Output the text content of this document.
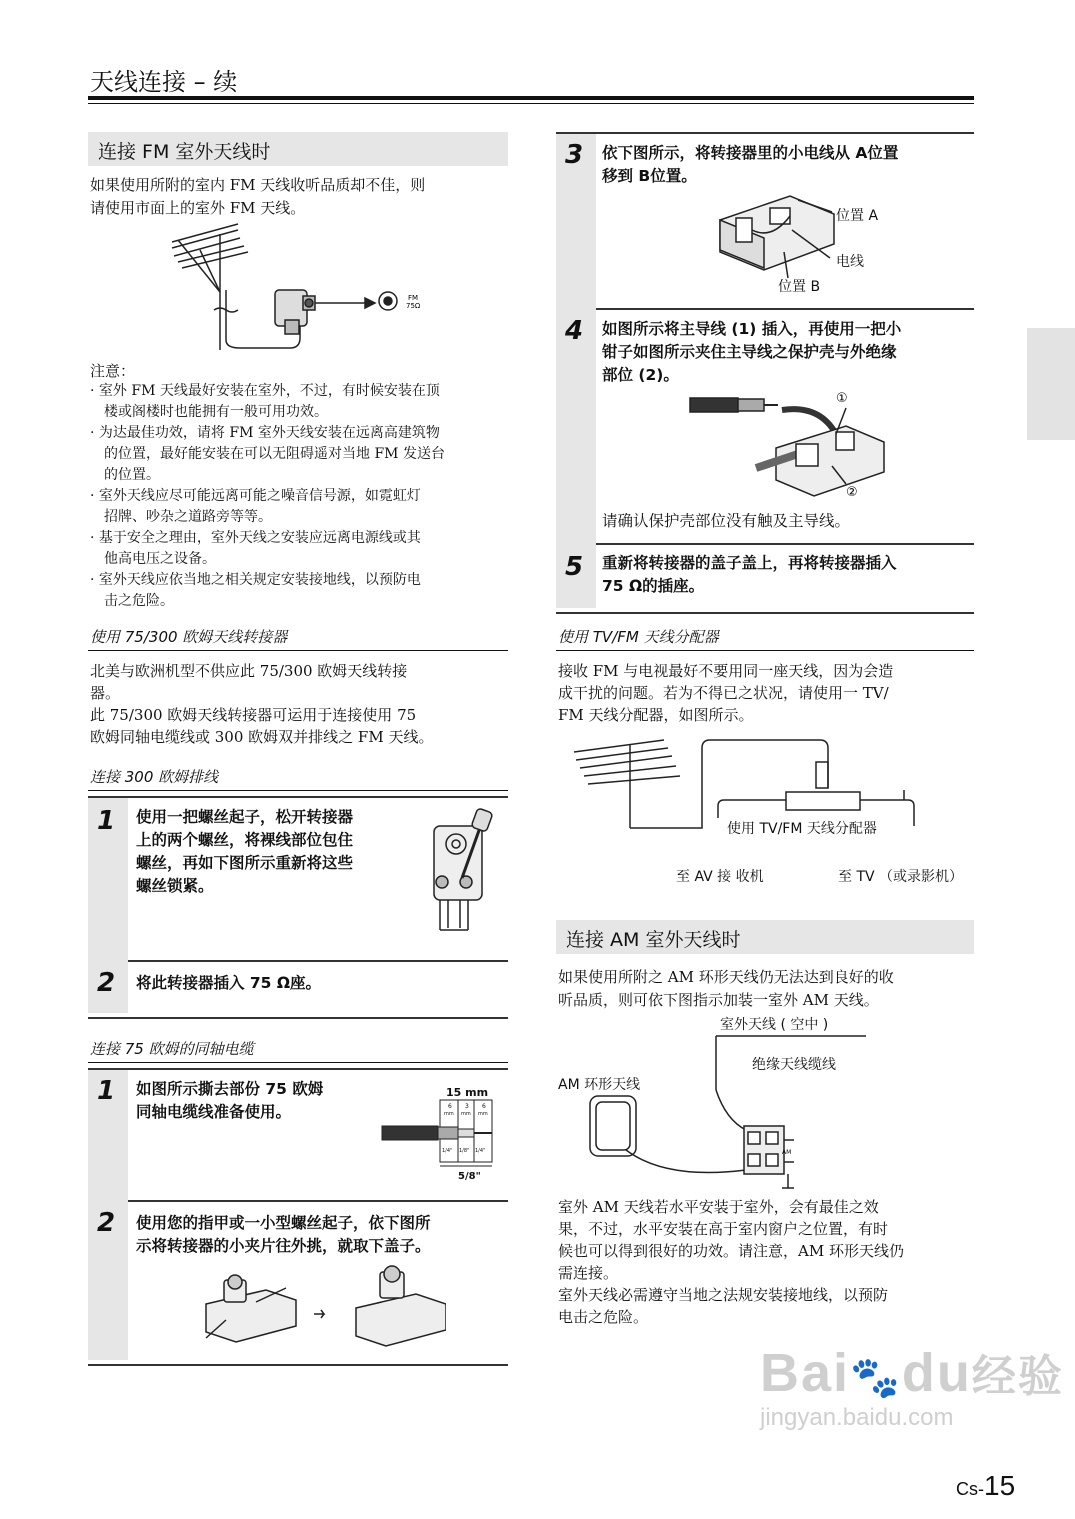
天线连接 – 续
连接 FM 室外天线时
如果使用所附的室内 FM 天线收听品质却不佳，则
请使用市面上的室外 FM 天线。
FM
75Ω
注意：
· 室外 FM 天线最好安装在室外，不过，有时候安装在顶
楼或阁楼时也能拥有一般可用功效。
· 为达最佳功效，请将 FM 室外天线安装在远离高建筑物
的位置，最好能安装在可以无阻碍遥对当地 FM 发送台
的位置。
· 室外天线应尽可能远离可能之噪音信号源，如霓虹灯
招牌、吵杂之道路旁等等。
· 基于安全之理由，室外天线之安装应远离电源线或其
他高电压之设备。
· 室外天线应依当地之相关规定安装接地线，以预防电
击之危险。
使用 75/300 欧姆天线转接器
北美与欧洲机型不供应此 75/300 欧姆天线转接
器。
此 75/300 欧姆天线转接器可运用于连接使用 75
欧姆同轴电缆线或 300 欧姆双并排线之 FM 天线。
连接 300 欧姆排线
1	使用一把螺丝起子，松开转接器
上的两个螺丝，将裸线部位包住
螺丝，再如下图所示重新将这些
螺丝锁紧。
2	将此转接器插入 75 Ω座。
连接 75 欧姆的同轴电缆
1	如图所示撕去部份 75 欧姆
同轴电缆线准备使用。
15 mm
6 3 6
mm mm mm
1/4" 1/8" 1/4"
5/8"
2	使用您的指甲或一小型螺丝起子，依下图所
示将转接器的小夹片往外挑，就取下盖子。
3	依下图所示，将转接器里的小电线从 A位置
移到 B位置。
位置 A
电线
位置 B
4	如图所示将主导线 (1) 插入，再使用一把小
钳子如图所示夹住主导线之保护壳与外绝缘
部位 (2)。
①
②
请确认保护壳部位没有触及主导线。
5	重新将转接器的盖子盖上，再将转接器插入
75 Ω的插座。
使用 TV/FM 天线分配器
接收 FM 与电视最好不要用同一座天线，因为会造
成干扰的问题。若为不得已之状况，请使用一 TV/
FM 天线分配器，如图所示。
使用 TV/FM 天线分配器
至 AV 接 收机	至 TV （或录影机）
连接 AM 室外天线时
如果使用所附之 AM 环形天线仍无法达到良好的收
听品质，则可依下图指示加装一室外 AM 天线。
室外天线 ( 空中 )
绝缘天线缆线
AM 环形天线
AM
室外 AM 天线若水平安装于室外，会有最佳之效
果，不过，水平安装在高于室内窗户之位置，有时
候也可以得到很好的功效。请注意，AM 环形天线仍
需连接。
室外天线必需遵守当地之法规安装接地线，以预防
电击之危险。
Bai🐾du经验
jingyan.baidu.com
Cs-15
